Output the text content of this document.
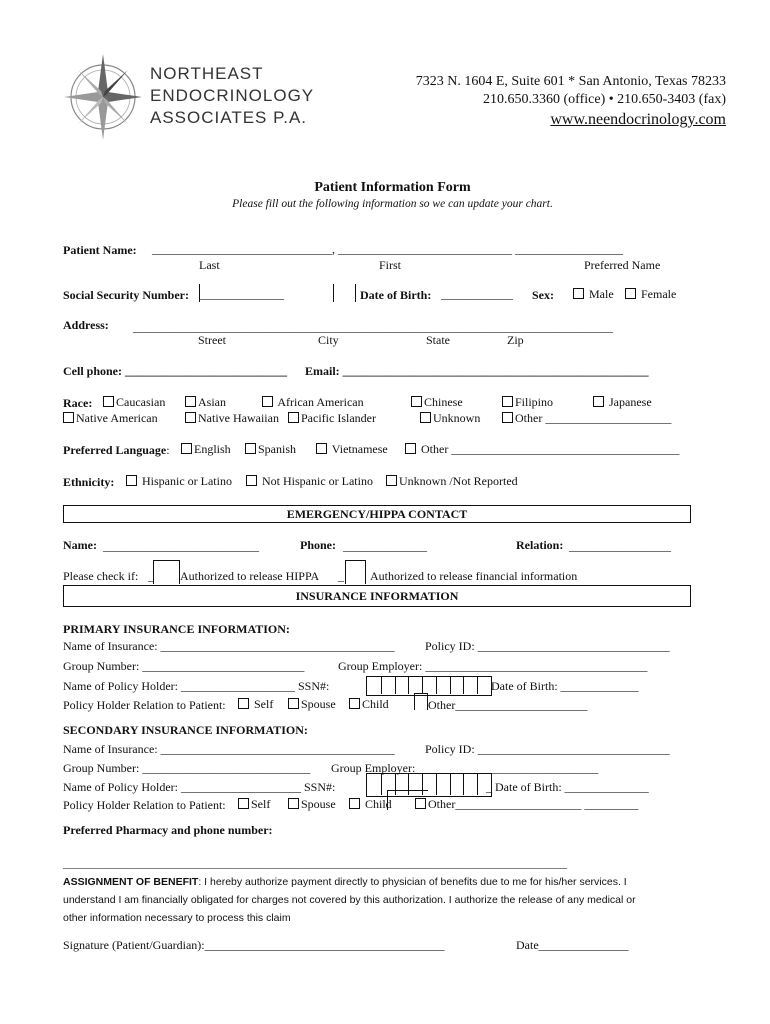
NORTHEAST
ENDOCRINOLOGY
ASSOCIATES P.A.
7323 N. 1604 E, Suite 601 * San Antonio, Texas 78233
210.650.3360 (office) • 210.650-3403 (fax)
www.neendocrinology.com
Patient Information Form
Please fill out the following information so we can update your chart.
Patient Name: ______________________________, _____________________________ __________________
Last	First	Preferred Name
Social Security Number: ______________	Date of Birth: ____________ Sex:	Male	Female
Address: ________________________________________________________________________________
Street	City	State	Zip
Cell phone: ___________________________ Email: ___________________________________________________
Race:	Caucasian	Asian	African American	Chinese	Filipino	Japanese
Native American	Native Hawaiian	Pacific Islander	Unknown	Other _____________________
Preferred Language:	English	Spanish	Vietnamese	Other ______________________________________
Ethnicity:	Hispanic or Latino	Not Hispanic or Latino	Unknown /Not Reported
EMERGENCY/HIPPA CONTACT
Name: __________________________	Phone: ______________	Relation: _________________
Please check if: _ Authorized to release HIPPA _ Authorized to release financial information
INSURANCE INFORMATION
PRIMARY INSURANCE INFORMATION:
Name of Insurance: _______________________________________	Policy ID: ________________________________
Group Number: ___________________________	Group Employer: _____________________________________
Name of Policy Holder: ___________________ SSN#:	Date of Birth: _____________
Policy Holder Relation to Patient:	Self	Spouse	Child	Other______________________
SECONDARY INSURANCE INFORMATION:
Name of Insurance: _______________________________________	Policy ID: ________________________________
Group Number: ____________________________ Group Employer: ______________________________
Name of Policy Holder: ____________________ SSN#:	_ Date of Birth: ______________
Policy Holder Relation to Patient:	Self	Spouse	Child	Other_____________________ _________
Preferred Pharmacy and phone number:
________________________________________________________________________________________________
ASSIGNMENT OF BENEFIT: I hereby authorize payment directly to physician of benefits due to me for his/her services. I
understand I am financially obligated for charges not covered by this authorization. I authorize the release of any medical or
other information necessary to process this claim
Signature (Patient/Guardian):________________________________________	Date_______________
